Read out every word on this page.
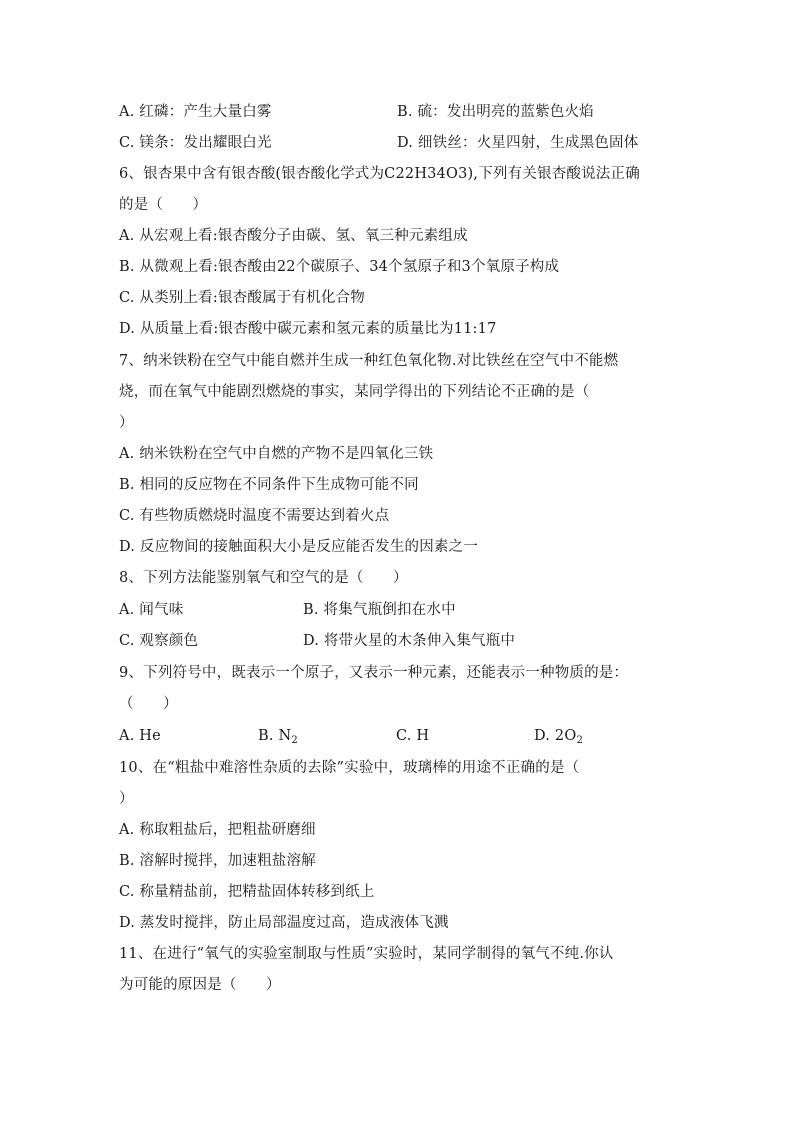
A. 红磷：产生大量白雾	B. 硫：发出明亮的蓝紫色火焰
C. 镁条：发出耀眼白光	D. 细铁丝：火星四射，生成黑色固体
6、银杏果中含有银杏酸(银杏酸化学式为C22H34O3),下列有关银杏酸说法正确
的是（　　）
A. 从宏观上看:银杏酸分子由碳、氢、氧三种元素组成
B. 从微观上看:银杏酸由22个碳原子、34个氢原子和3个氧原子构成
C. 从类别上看:银杏酸属于有机化合物
D. 从质量上看:银杏酸中碳元素和氢元素的质量比为11:17
7、纳米铁粉在空气中能自燃并生成一种红色氧化物.对比铁丝在空气中不能燃
烧，而在氧气中能剧烈燃烧的事实，某同学得出的下列结论不正确的是（
）
A. 纳米铁粉在空气中自燃的产物不是四氧化三铁
B. 相同的反应物在不同条件下生成物可能不同
C. 有些物质燃烧时温度不需要达到着火点
D. 反应物间的接触面积大小是反应能否发生的因素之一
8、下列方法能鉴别氧气和空气的是（　　）
A. 闻气味	B. 将集气瓶倒扣在水中
C. 观察颜色	D. 将带火星的木条伸入集气瓶中
9、下列符号中，既表示一个原子，又表示一种元素，还能表示一种物质的是：
（　　）
A. He	B. $N_2$	C. H	D. $2O_2$
10、在“粗盐中难溶性杂质的去除”实验中，玻璃棒的用途不正确的是（
）
A. 称取粗盐后，把粗盐研磨细
B. 溶解时搅拌，加速粗盐溶解
C. 称量精盐前，把精盐固体转移到纸上
D. 蒸发时搅拌，防止局部温度过高，造成液体飞溅
11、在进行“氧气的实验室制取与性质”实验时，某同学制得的氧气不纯.你认
为可能的原因是（　　）
